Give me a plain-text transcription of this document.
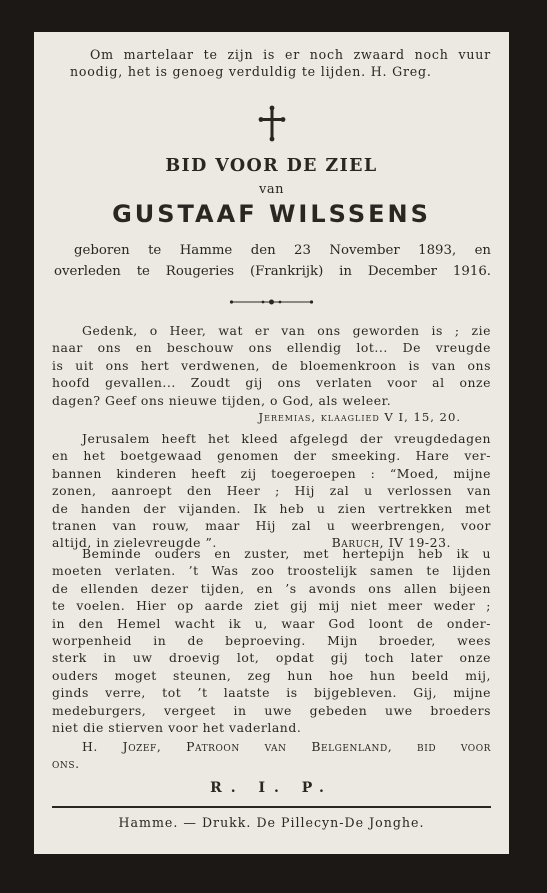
Om martelaar te zijn is er noch zwaard noch vuur
noodig, het is genoeg verduldig te lijden. H. Greg.
BID VOOR DE ZIEL
van
GUSTAAF WILSSENS
geboren te Hamme den 23 November 1893, en
overleden te Rougeries (Frankrijk) in December 1916.
Gedenk, o Heer, wat er van ons geworden is ; zie
naar ons en beschouw ons ellendig lot... De vreugde
is uit ons hert verdwenen, de bloemenkroon is van ons
hoofd gevallen... Zoudt gij ons verlaten voor al onze
dagen? Geef ons nieuwe tijden, o God, als weleer.
Jeremias, klaaglied V I, 15, 20.
Jerusalem heeft het kleed afgelegd der vreugdedagen
en het boetgewaad genomen der smeeking. Hare ver-
bannen kinderen heeft zij toegeroepen : “Moed, mijne
zonen, aanroept den Heer ; Hij zal u verlossen van
de handen der vijanden. Ik heb u zien vertrekken met
tranen van rouw, maar Hij zal u weerbrengen, voor
altijd, in zielevreugde ”.	Baruch, IV 19-23.
Beminde ouders en zuster, met hertepijn heb ik u
moeten verlaten. ’t Was zoo troostelijk samen te lijden
de ellenden dezer tijden, en ’s avonds ons allen bijeen
te voelen. Hier op aarde ziet gij mij niet meer weder ;
in den Hemel wacht ik u, waar God loont de onder-
worpenheid in de beproeving. Mijn broeder, wees
sterk in uw droevig lot, opdat gij toch later onze
ouders moget steunen, zeg hun hoe hun beeld mij,
ginds verre, tot ’t laatste is bijgebleven. Gij, mijne
medeburgers, vergeet in uwe gebeden uwe broeders
niet die stierven voor het vaderland.
H. Jozef, Patroon van Belgenland, bid voor
ons.
R. I. P.
Hamme. — Drukk. De Pillecyn-De Jonghe.
